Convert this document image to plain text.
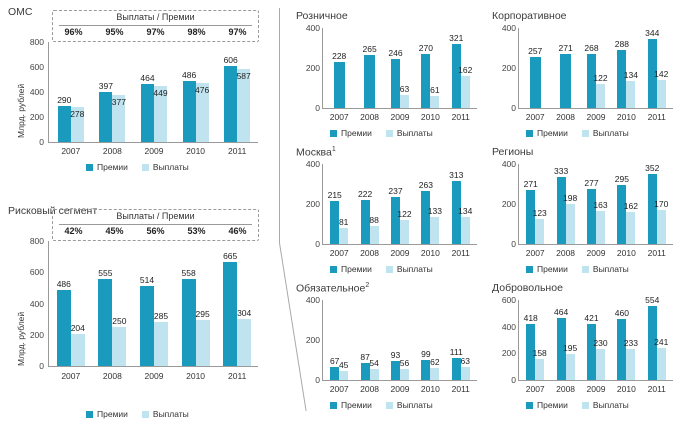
ОМС
Млрд. рублей
0
200
400
600
800
Выплаты / Премии
96%	95%	97%	98%	97%
290
278
397
377
464
449
486
476
606
587
2007	2008	2009	2010	2011
Премии	Выплаты
Рисковый сегмент
Млрд. рублей 0
200
400
600
800
Выплаты / Премии
42%	45%	56%	53%	46%
486
204
555
250
514
285
558
295
665
304
2007	2008	2009	2010	2011
Премии	Выплаты
Розничное
0
200
400
228
265 246
63
270
61
321
162
2007	2008	2009	2010	2011
Премии	Выплаты
Корпоративное
0
200
400
257 271 268
122
288
134
344
142
2007	2008	2009	2010	2011
Премии	Выплаты
Москва$^1$
0
200
400
215
81
222
88
237
122
263
133
313
134
2007	2008	2009	2010	2011
Премии	Выплаты
Регионы
0
200
400
271
123
333
198
277
163
295
162
352
170
2007	2008	2009	2010	2011
Премии	Выплаты
Обязательное$^2$
0
200
400
67 45
87
54
93
56
99
62
111
63
2007	2008	2009	2010	2011
Премии	Выплаты
Добровольное
0
200
400
600
418
158
464
195
421
230
460
233
554
241
2007	2008	2009	2010	2011
Премии	Выплаты
